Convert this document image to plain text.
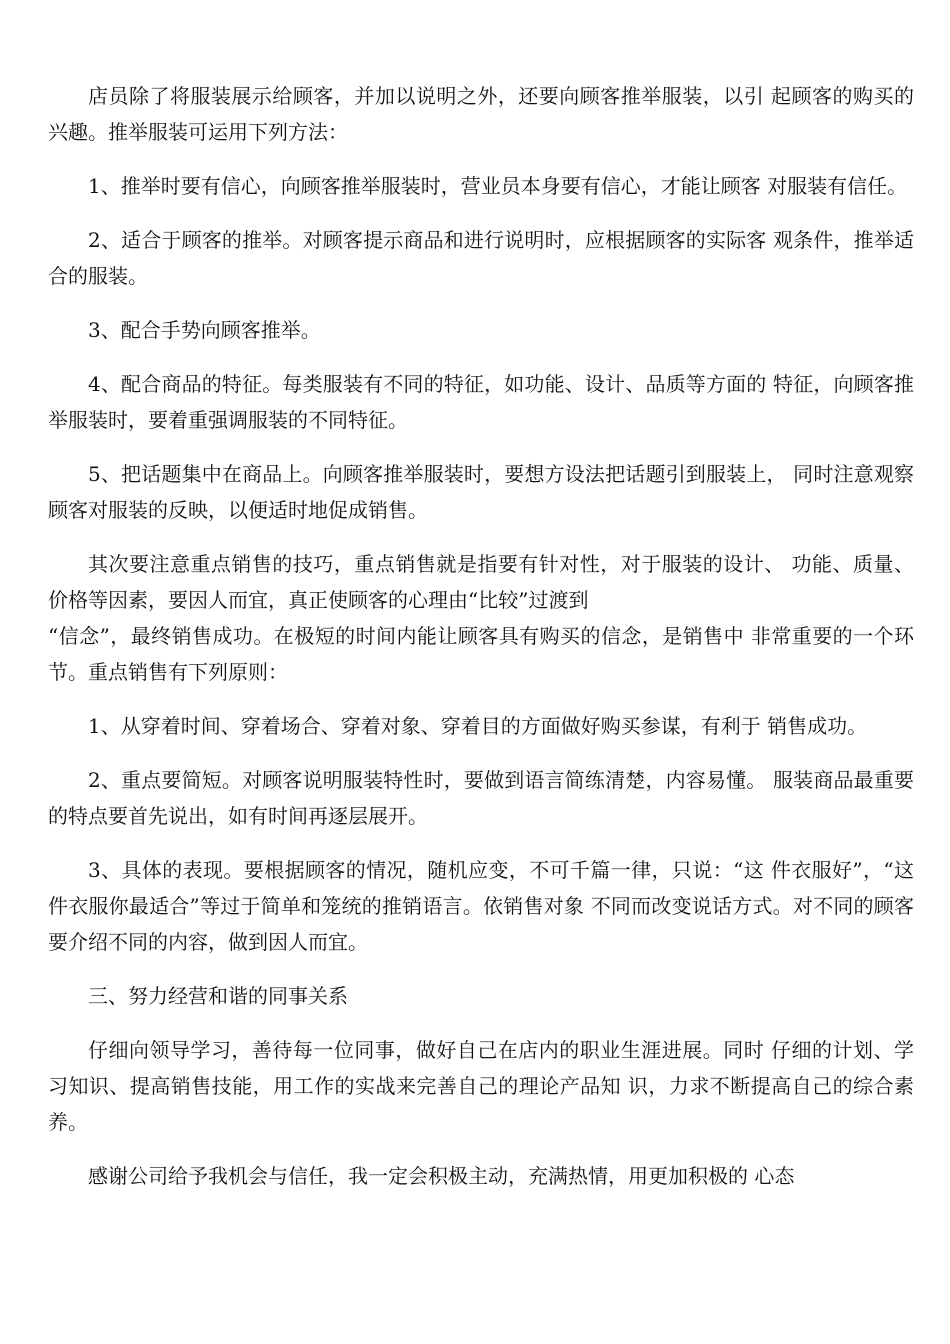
店员除了将服装展示给顾客，并加以说明之外，还要向顾客推举服装，以引 起顾客的购买的兴趣。推举服装可运用下列方法：

1、推举时要有信心，向顾客推举服装时，营业员本身要有信心，才能让顾客 对服装有信任。

2、适合于顾客的推举。对顾客提示商品和进行说明时，应根据顾客的实际客 观条件，推举适合的服装。

3、配合手势向顾客推举。

4、配合商品的特征。每类服装有不同的特征，如功能、设计、品质等方面的 特征，向顾客推举服装时，要着重强调服装的不同特征。

5、把话题集中在商品上。向顾客推举服装时，要想方设法把话题引到服装上， 同时注意观察顾客对服装的反映，以便适时地促成销售。

其次要注意重点销售的技巧，重点销售就是指要有针对性，对于服装的设计、 功能、质量、价格等因素，要因人而宜，真正使顾客的心理由“比较”过渡到
“信念”，最终销售成功。在极短的时间内能让顾客具有购买的信念，是销售中 非常重要的一个环节。重点销售有下列原则：

1、从穿着时间、穿着场合、穿着对象、穿着目的方面做好购买参谋，有利于 销售成功。

2、重点要简短。对顾客说明服装特性时，要做到语言简练清楚，内容易懂。 服装商品最重要的特点要首先说出，如有时间再逐层展开。

3、具体的表现。要根据顾客的情况，随机应变，不可千篇一律，只说：“这 件衣服好”，“这件衣服你最适合”等过于简单和笼统的推销语言。依销售对象 不同而改变说话方式。对不同的顾客要介绍不同的内容，做到因人而宜。

三、努力经营和谐的同事关系

仔细向领导学习，善待每一位同事，做好自己在店内的职业生涯进展。同时 仔细的计划、学习知识、提高销售技能，用工作的实战来完善自己的理论产品知 识，力求不断提高自己的综合素养。

感谢公司给予我机会与信任，我一定会积极主动，充满热情，用更加积极的 心态
